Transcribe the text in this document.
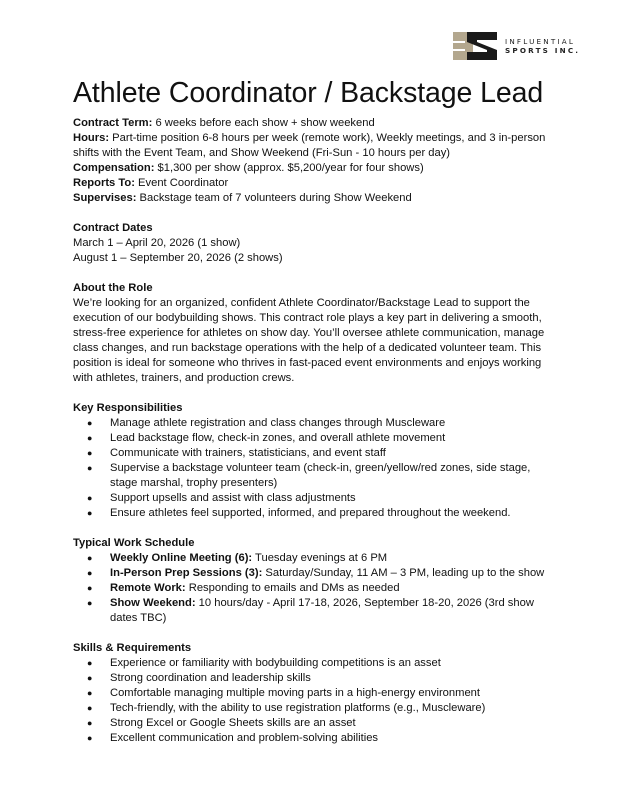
INFLUENTIAL
SPORTS INC.
Athlete Coordinator / Backstage Lead

Contract Term: 6 weeks before each show + show weekend

Hours: Part-time position 6-8 hours per week (remote work), Weekly meetings, and 3 in-person shifts with the Event Team, and Show Weekend (Fri-Sun - 10 hours per day)

Compensation: $1,300 per show (approx. $5,200/year for four shows)

Reports To: Event Coordinator

Supervises: Backstage team of 7 volunteers during Show Weekend

Contract Dates

March 1 – April 20, 2026 (1 show)

August 1 – September 20, 2026 (2 shows)

About the Role

We’re looking for an organized, confident Athlete Coordinator/Backstage Lead to support the execution of our bodybuilding shows. This contract role plays a key part in delivering a smooth, stress-free experience for athletes on show day. You’ll oversee athlete communication, manage class changes, and run backstage operations with the help of a dedicated volunteer team. This position is ideal for someone who thrives in fast-paced event environments and enjoys working with athletes, trainers, and production crews.

Key Responsibilities

● Manage athlete registration and class changes through Muscleware
● Lead backstage flow, check-in zones, and overall athlete movement
● Communicate with trainers, statisticians, and event staff
● Supervise a backstage volunteer team (check-in, green/yellow/red zones, side stage, stage marshal, trophy presenters)
● Support upsells and assist with class adjustments
● Ensure athletes feel supported, informed, and prepared throughout the weekend.

Typical Work Schedule

● Weekly Online Meeting (6): Tuesday evenings at 6 PM
● In-Person Prep Sessions (3): Saturday/Sunday, 11 AM – 3 PM, leading up to the show
● Remote Work: Responding to emails and DMs as needed
● Show Weekend: 10 hours/day - April 17-18, 2026, September 18-20, 2026 (3rd show dates TBC)

Skills & Requirements

● Experience or familiarity with bodybuilding competitions is an asset
● Strong coordination and leadership skills
● Comfortable managing multiple moving parts in a high-energy environment
● Tech-friendly, with the ability to use registration platforms (e.g., Muscleware)
● Strong Excel or Google Sheets skills are an asset
● Excellent communication and problem-solving abilities
